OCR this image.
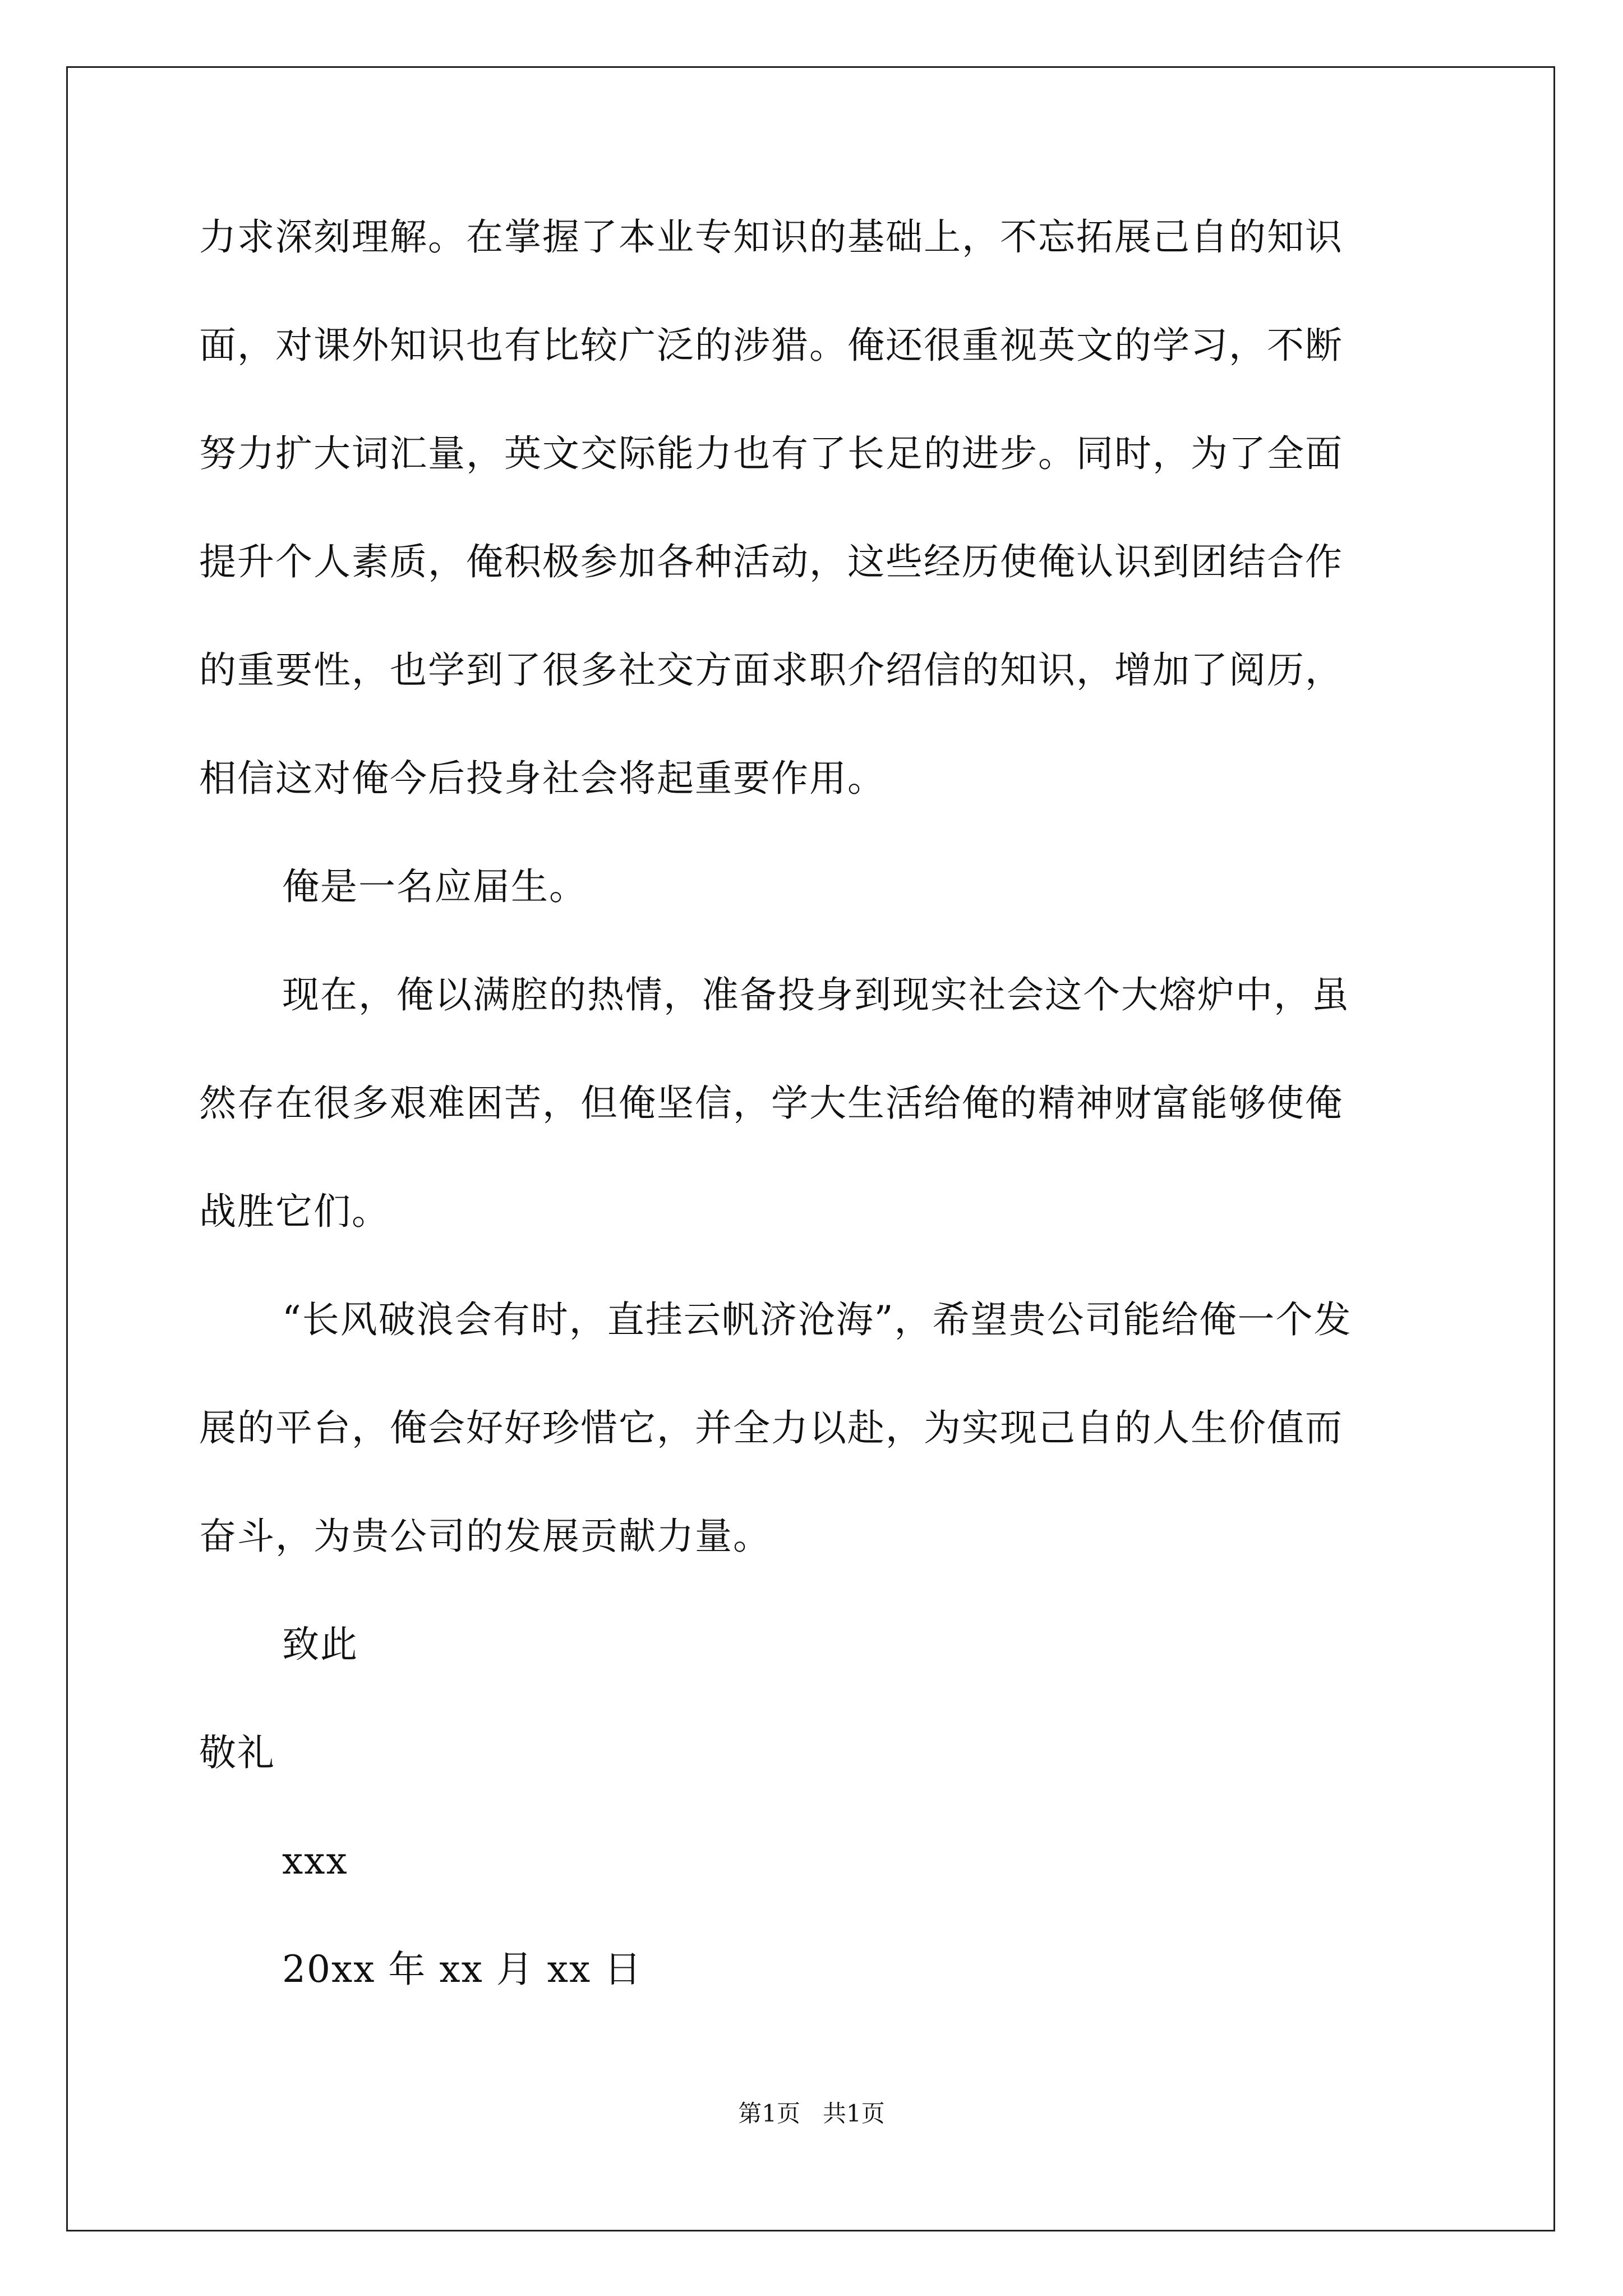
力求深刻理解。在掌握了本业专知识的基础上，不忘拓展己自的知识

面，对课外知识也有比较广泛的涉猎。俺还很重视英文的学习，不断

努力扩大词汇量，英文交际能力也有了长足的进步。同时，为了全面

提升个人素质，俺积极参加各种活动，这些经历使俺认识到团结合作

的重要性，也学到了很多社交方面求职介绍信的知识，增加了阅历，

相信这对俺今后投身社会将起重要作用。

俺是一名应届生。

现在，俺以满腔的热情，准备投身到现实社会这个大熔炉中，虽

然存在很多艰难困苦，但俺坚信，学大生活给俺的精神财富能够使俺

战胜它们。

“长风破浪会有时，直挂云帆济沧海”，希望贵公司能给俺一个发

展的平台，俺会好好珍惜它，并全力以赴，为实现己自的人生价值而

奋斗，为贵公司的发展贡献力量。

致此

敬礼

xxx

20xx 年 xx 月 xx 日

第1页   共1页
